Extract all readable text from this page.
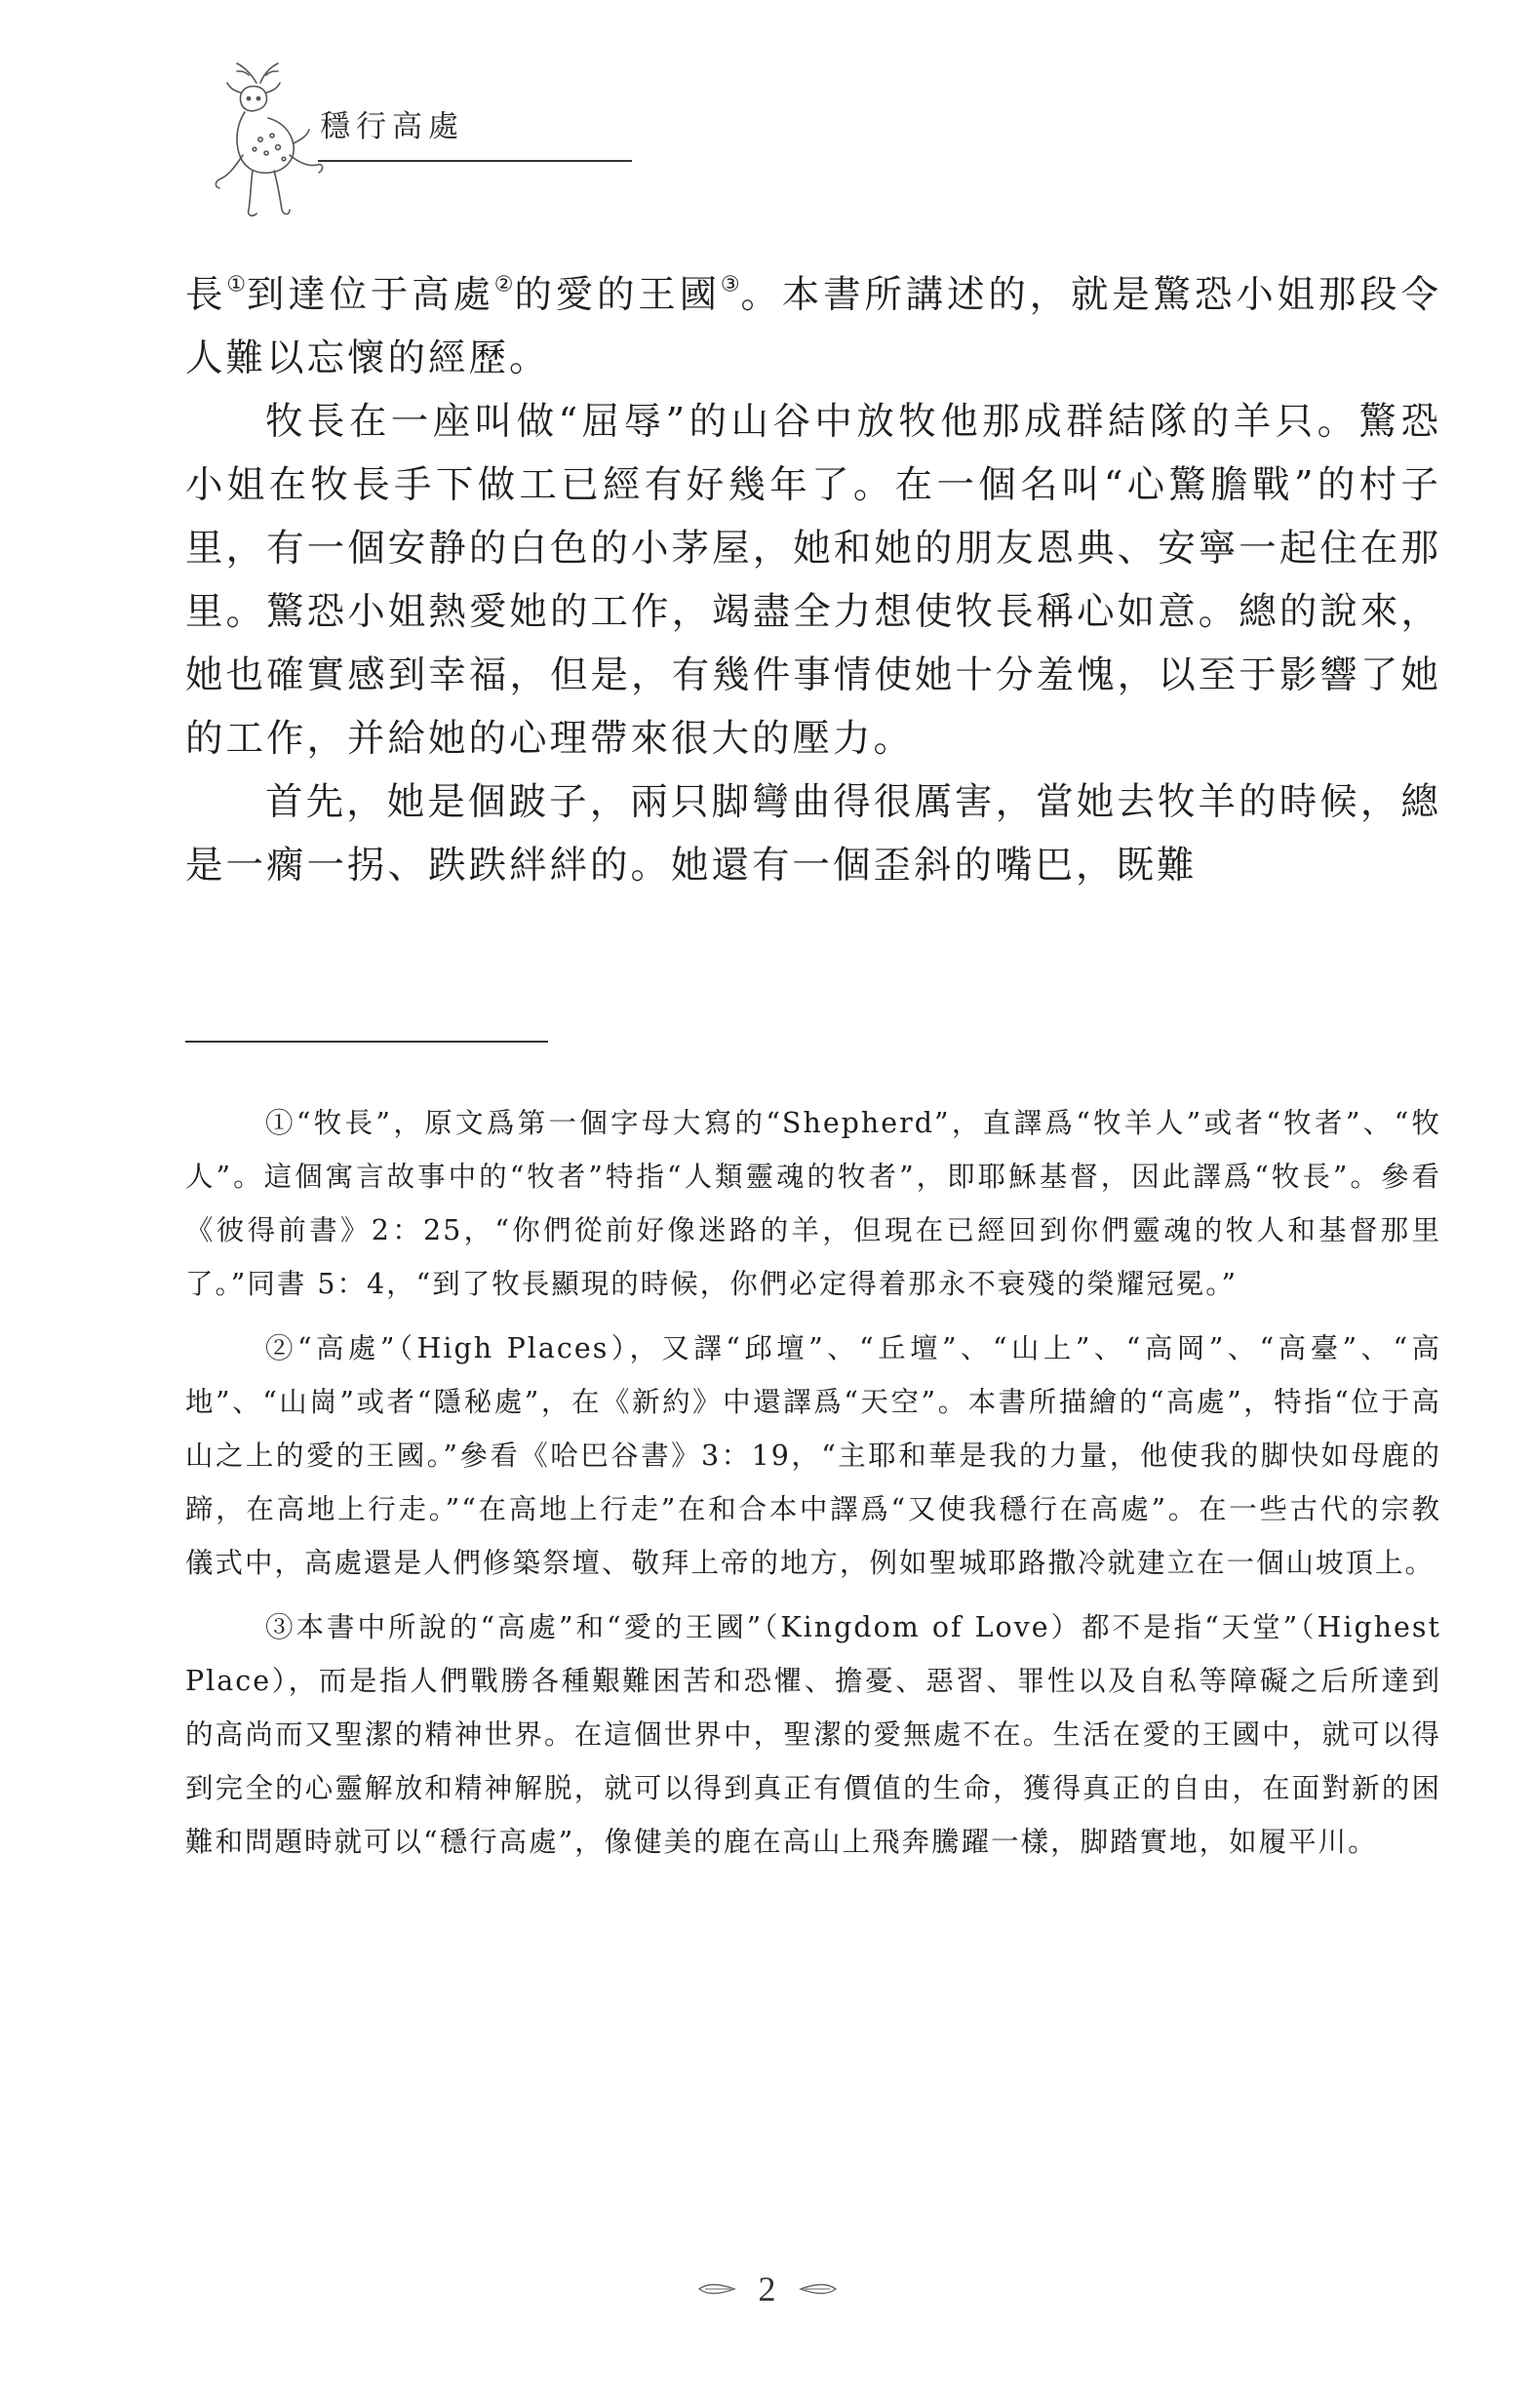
穩行高處

長①到達位于高處②的愛的王國③。本書所講述的，就是驚恐小姐那段令人難以忘懷的經歷。

牧長在一座叫做“屈辱”的山谷中放牧他那成群結隊的羊只。驚恐小姐在牧長手下做工已經有好幾年了。在一個名叫“心驚膽戰”的村子里，有一個安静的白色的小茅屋，她和她的朋友恩典、安寧一起住在那里。驚恐小姐熱愛她的工作，竭盡全力想使牧長稱心如意。總的說來，她也確實感到幸福，但是，有幾件事情使她十分羞愧，以至于影響了她的工作，并給她的心理帶來很大的壓力。

首先，她是個跛子，兩只脚彎曲得很厲害，當她去牧羊的時候，總是一瘸一拐、跌跌絆絆的。她還有一個歪斜的嘴巴，既難

①“牧長”，原文爲第一個字母大寫的“Shepherd”，直譯爲“牧羊人”或者“牧者”、“牧人”。這個寓言故事中的“牧者”特指“人類靈魂的牧者”，即耶穌基督，因此譯爲“牧長”。參看《彼得前書》2：25，“你們從前好像迷路的羊，但現在已經回到你們靈魂的牧人和基督那里了。”同書 5：4，“到了牧長顯現的時候，你們必定得着那永不衰殘的榮耀冠冕。”

②“高處”（High Places），又譯“邱壇”、“丘壇”、“山上”、“高岡”、“高臺”、“高地”、“山崗”或者“隱秘處”，在《新約》中還譯爲“天空”。本書所描繪的“高處”，特指“位于高山之上的愛的王國。”參看《哈巴谷書》3：19，“主耶和華是我的力量，他使我的脚快如母鹿的蹄，在高地上行走。”“在高地上行走”在和合本中譯爲“又使我穩行在高處”。在一些古代的宗教儀式中，高處還是人們修築祭壇、敬拜上帝的地方，例如聖城耶路撒冷就建立在一個山坡頂上。

③本書中所說的“高處”和“愛的王國”（Kingdom of Love）都不是指“天堂”（Highest Place），而是指人們戰勝各種艱難困苦和恐懼、擔憂、惡習、罪性以及自私等障礙之后所達到的高尚而又聖潔的精神世界。在這個世界中，聖潔的愛無處不在。生活在愛的王國中，就可以得到完全的心靈解放和精神解脱，就可以得到真正有價值的生命，獲得真正的自由，在面對新的困難和問題時就可以“穩行高處”，像健美的鹿在高山上飛奔騰躍一樣，脚踏實地，如履平川。

2
